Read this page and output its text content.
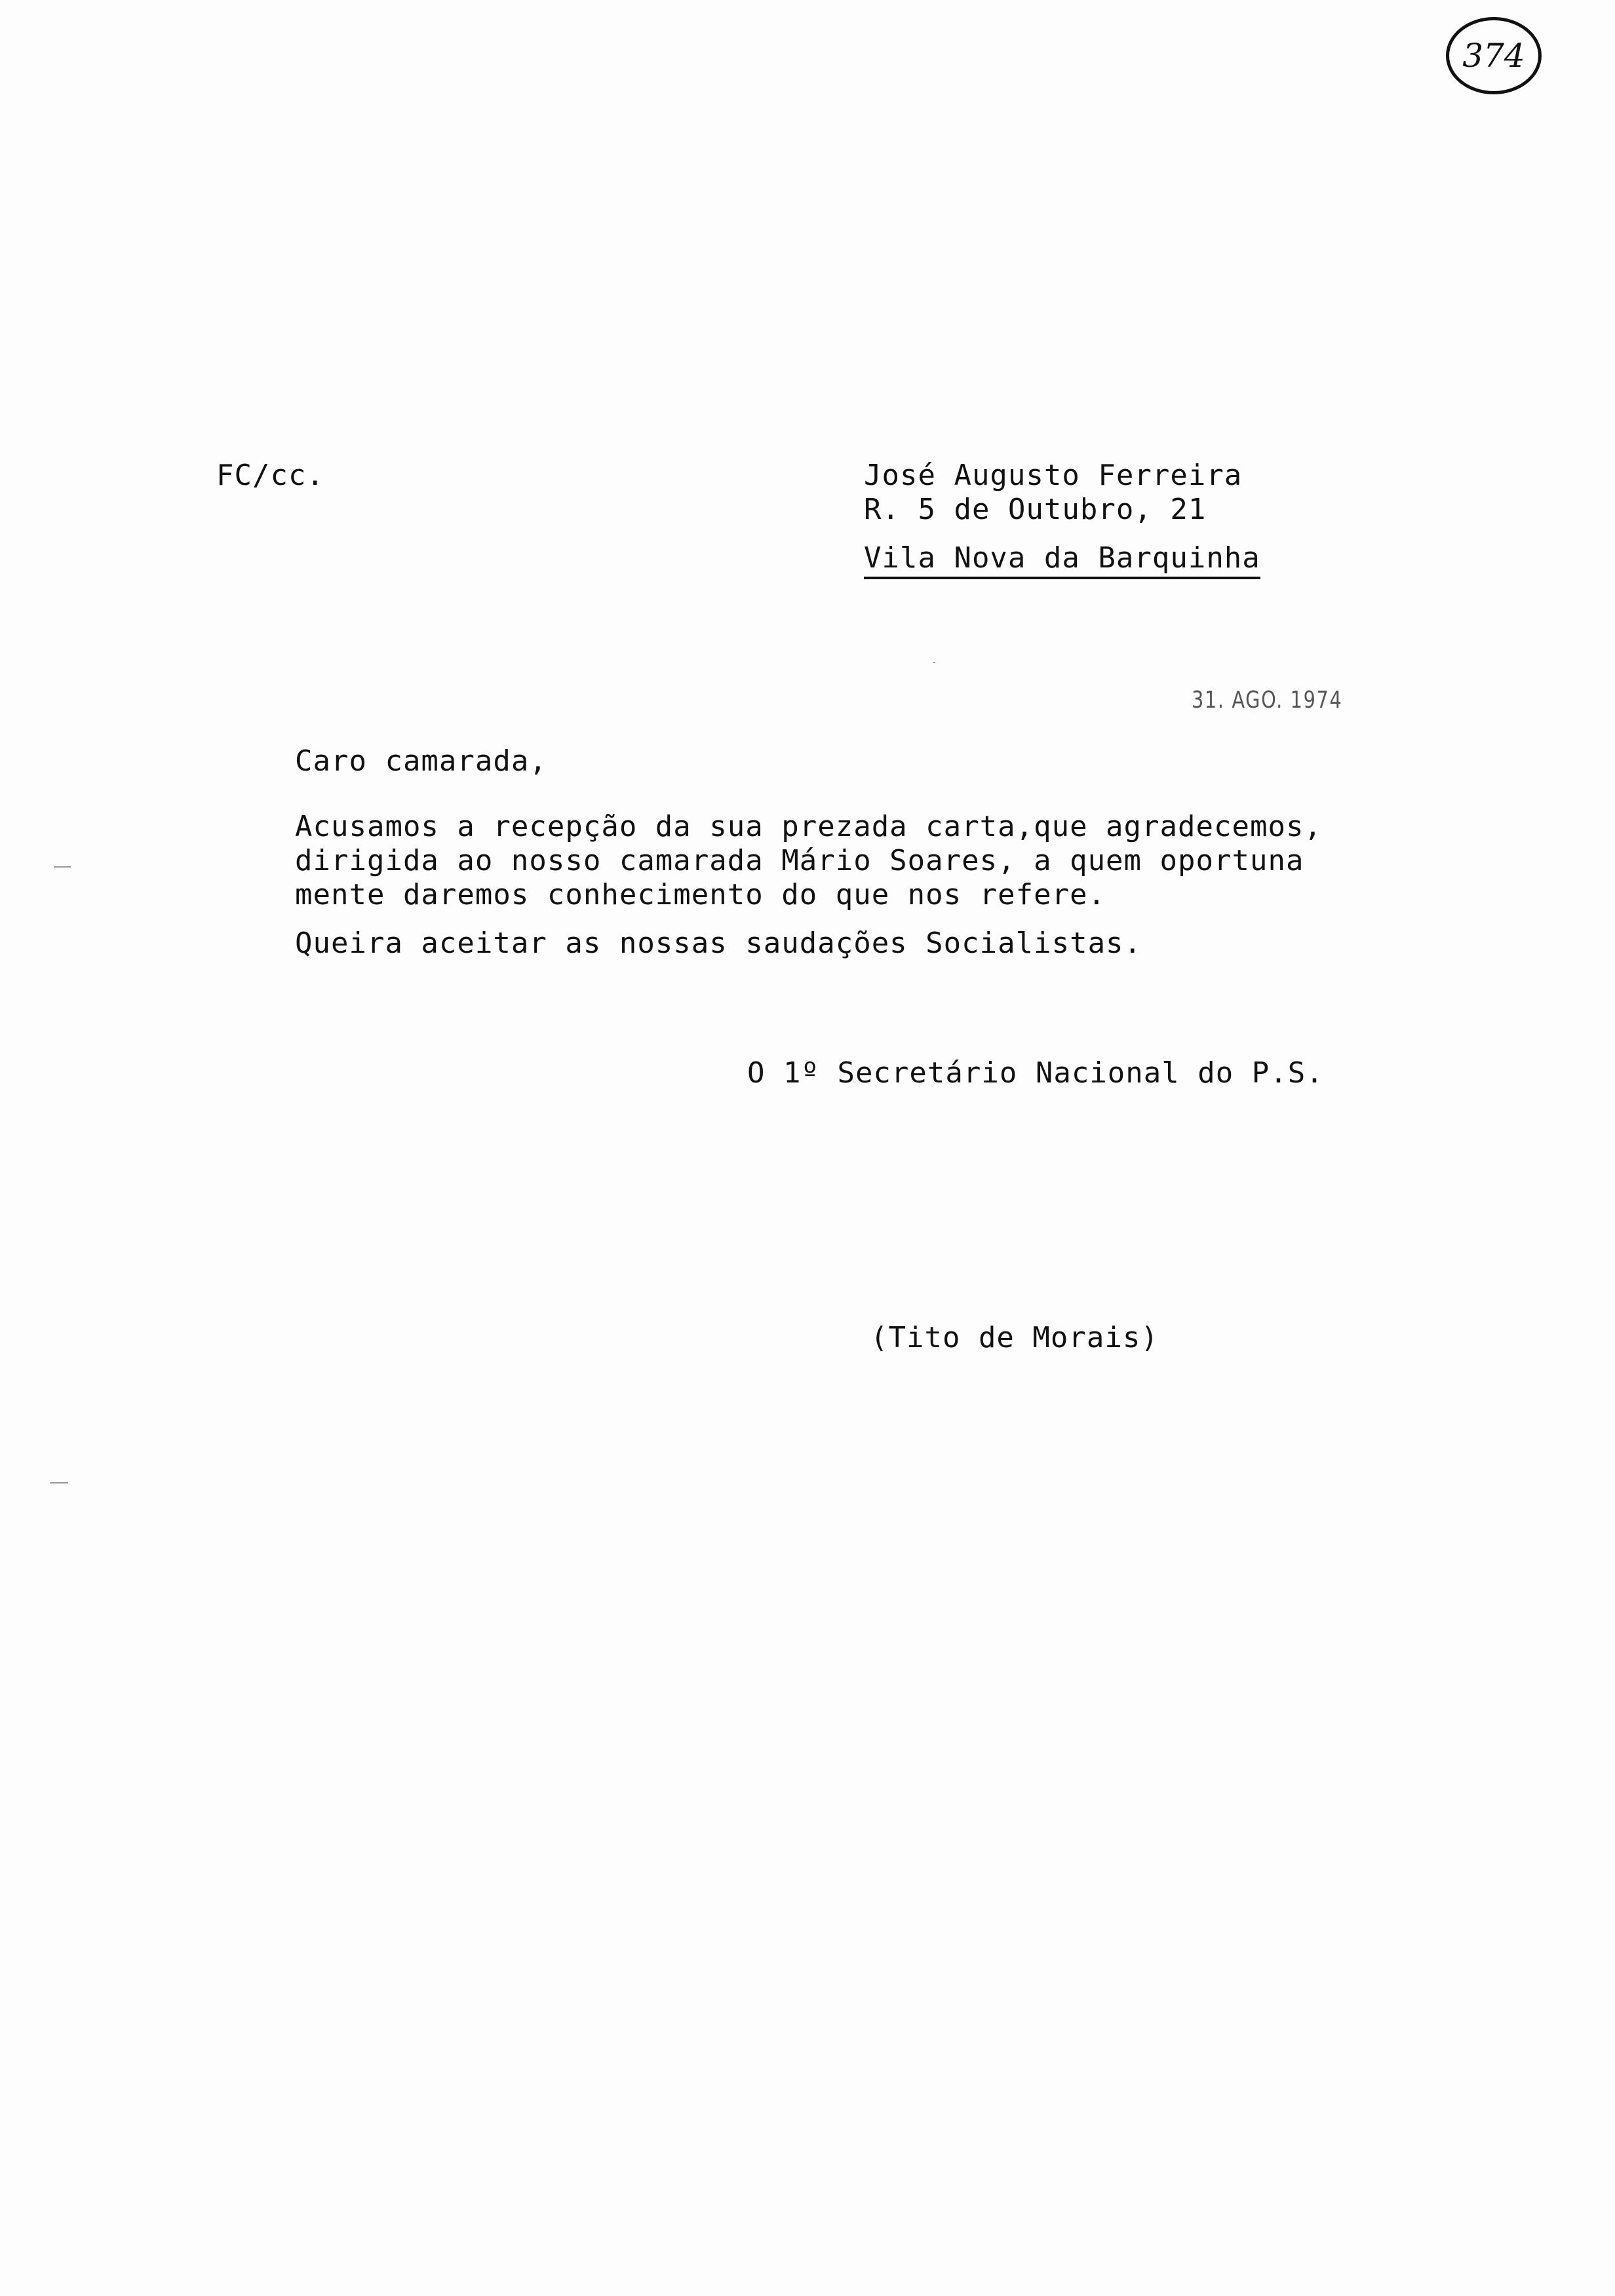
374
FC/cc.	José Augusto Ferreira
R. 5 de Outubro, 21
Vila Nova da Barquinha
31. AGO. 1974
Caro camarada,
Acusamos a recepção da sua prezada carta,que agradecemos,
dirigida ao nosso camarada Mário Soares, a quem oportuna
mente daremos conhecimento do que nos refere.
Queira aceitar as nossas saudações Socialistas.
O 1º Secretário Nacional do P.S.
(Tito de Morais)
